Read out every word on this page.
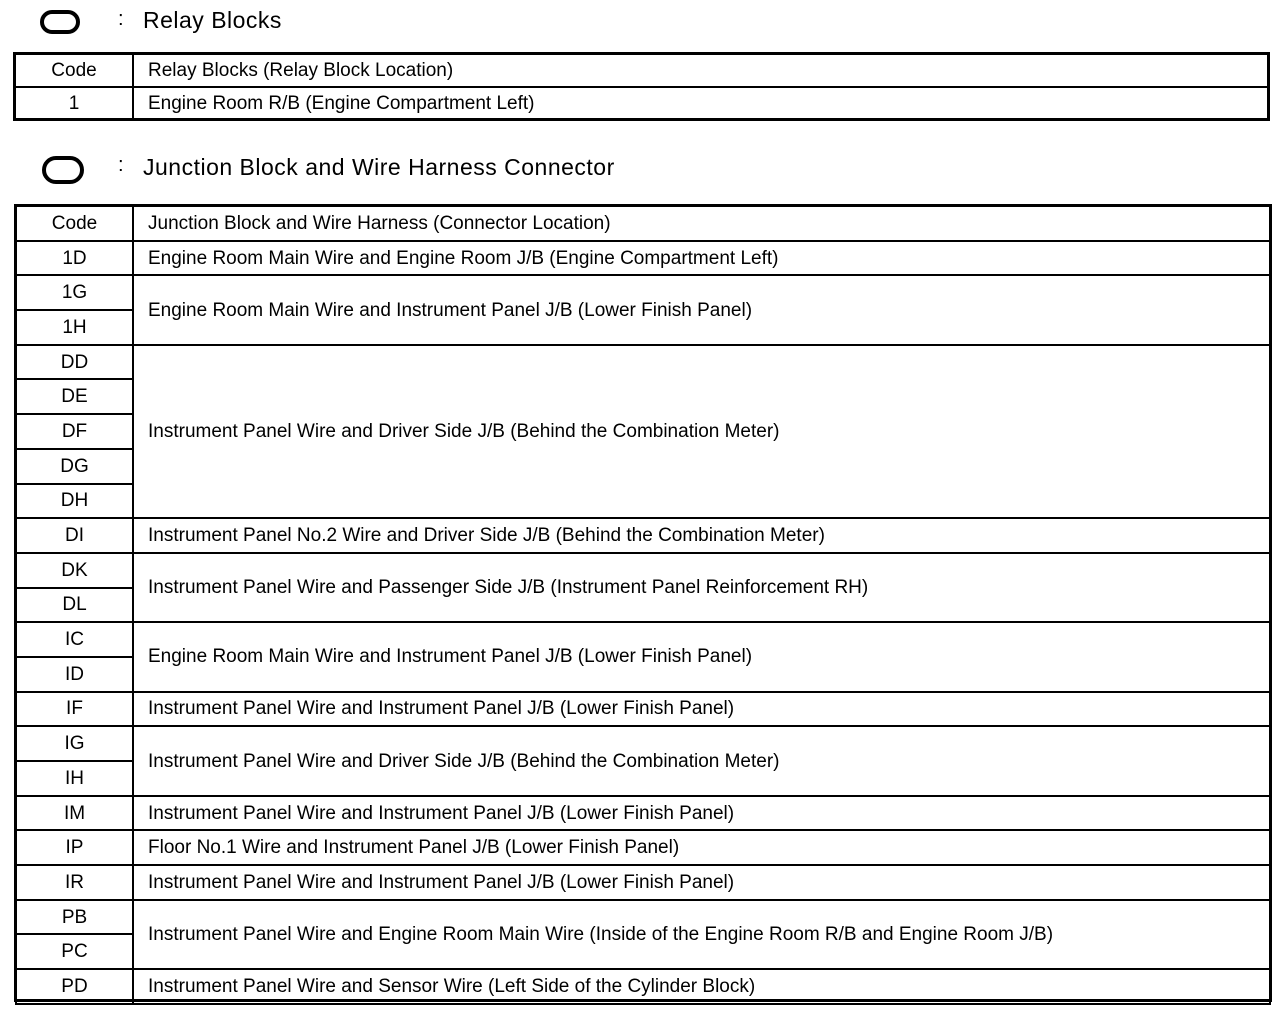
: Relay Blocks
Code	Relay Blocks (Relay Block Location)
1	Engine Room R/B (Engine Compartment Left)
: Junction Block and Wire Harness Connector
Code	Junction Block and Wire Harness (Connector Location)
1D	Engine Room Main Wire and Engine Room J/B (Engine Compartment Left)
1G	Engine Room Main Wire and Instrument Panel J/B (Lower Finish Panel)
1H	
DD	Instrument Panel Wire and Driver Side J/B (Behind the Combination Meter)
DE	
DF	
DG	
DH	
DI	Instrument Panel No.2 Wire and Driver Side J/B (Behind the Combination Meter)
DK	Instrument Panel Wire and Passenger Side J/B (Instrument Panel Reinforcement RH)
DL	
IC	Engine Room Main Wire and Instrument Panel J/B (Lower Finish Panel)
ID	
IF	Instrument Panel Wire and Instrument Panel J/B (Lower Finish Panel)
IG	Instrument Panel Wire and Driver Side J/B (Behind the Combination Meter)
IH	
IM	Instrument Panel Wire and Instrument Panel J/B (Lower Finish Panel)
IP	Floor No.1 Wire and Instrument Panel J/B (Lower Finish Panel)
IR	Instrument Panel Wire and Instrument Panel J/B (Lower Finish Panel)
PB	Instrument Panel Wire and Engine Room Main Wire (Inside of the Engine Room R/B and Engine Room J/B)
PC	
PD	Instrument Panel Wire and Sensor Wire (Left Side of the Cylinder Block)
